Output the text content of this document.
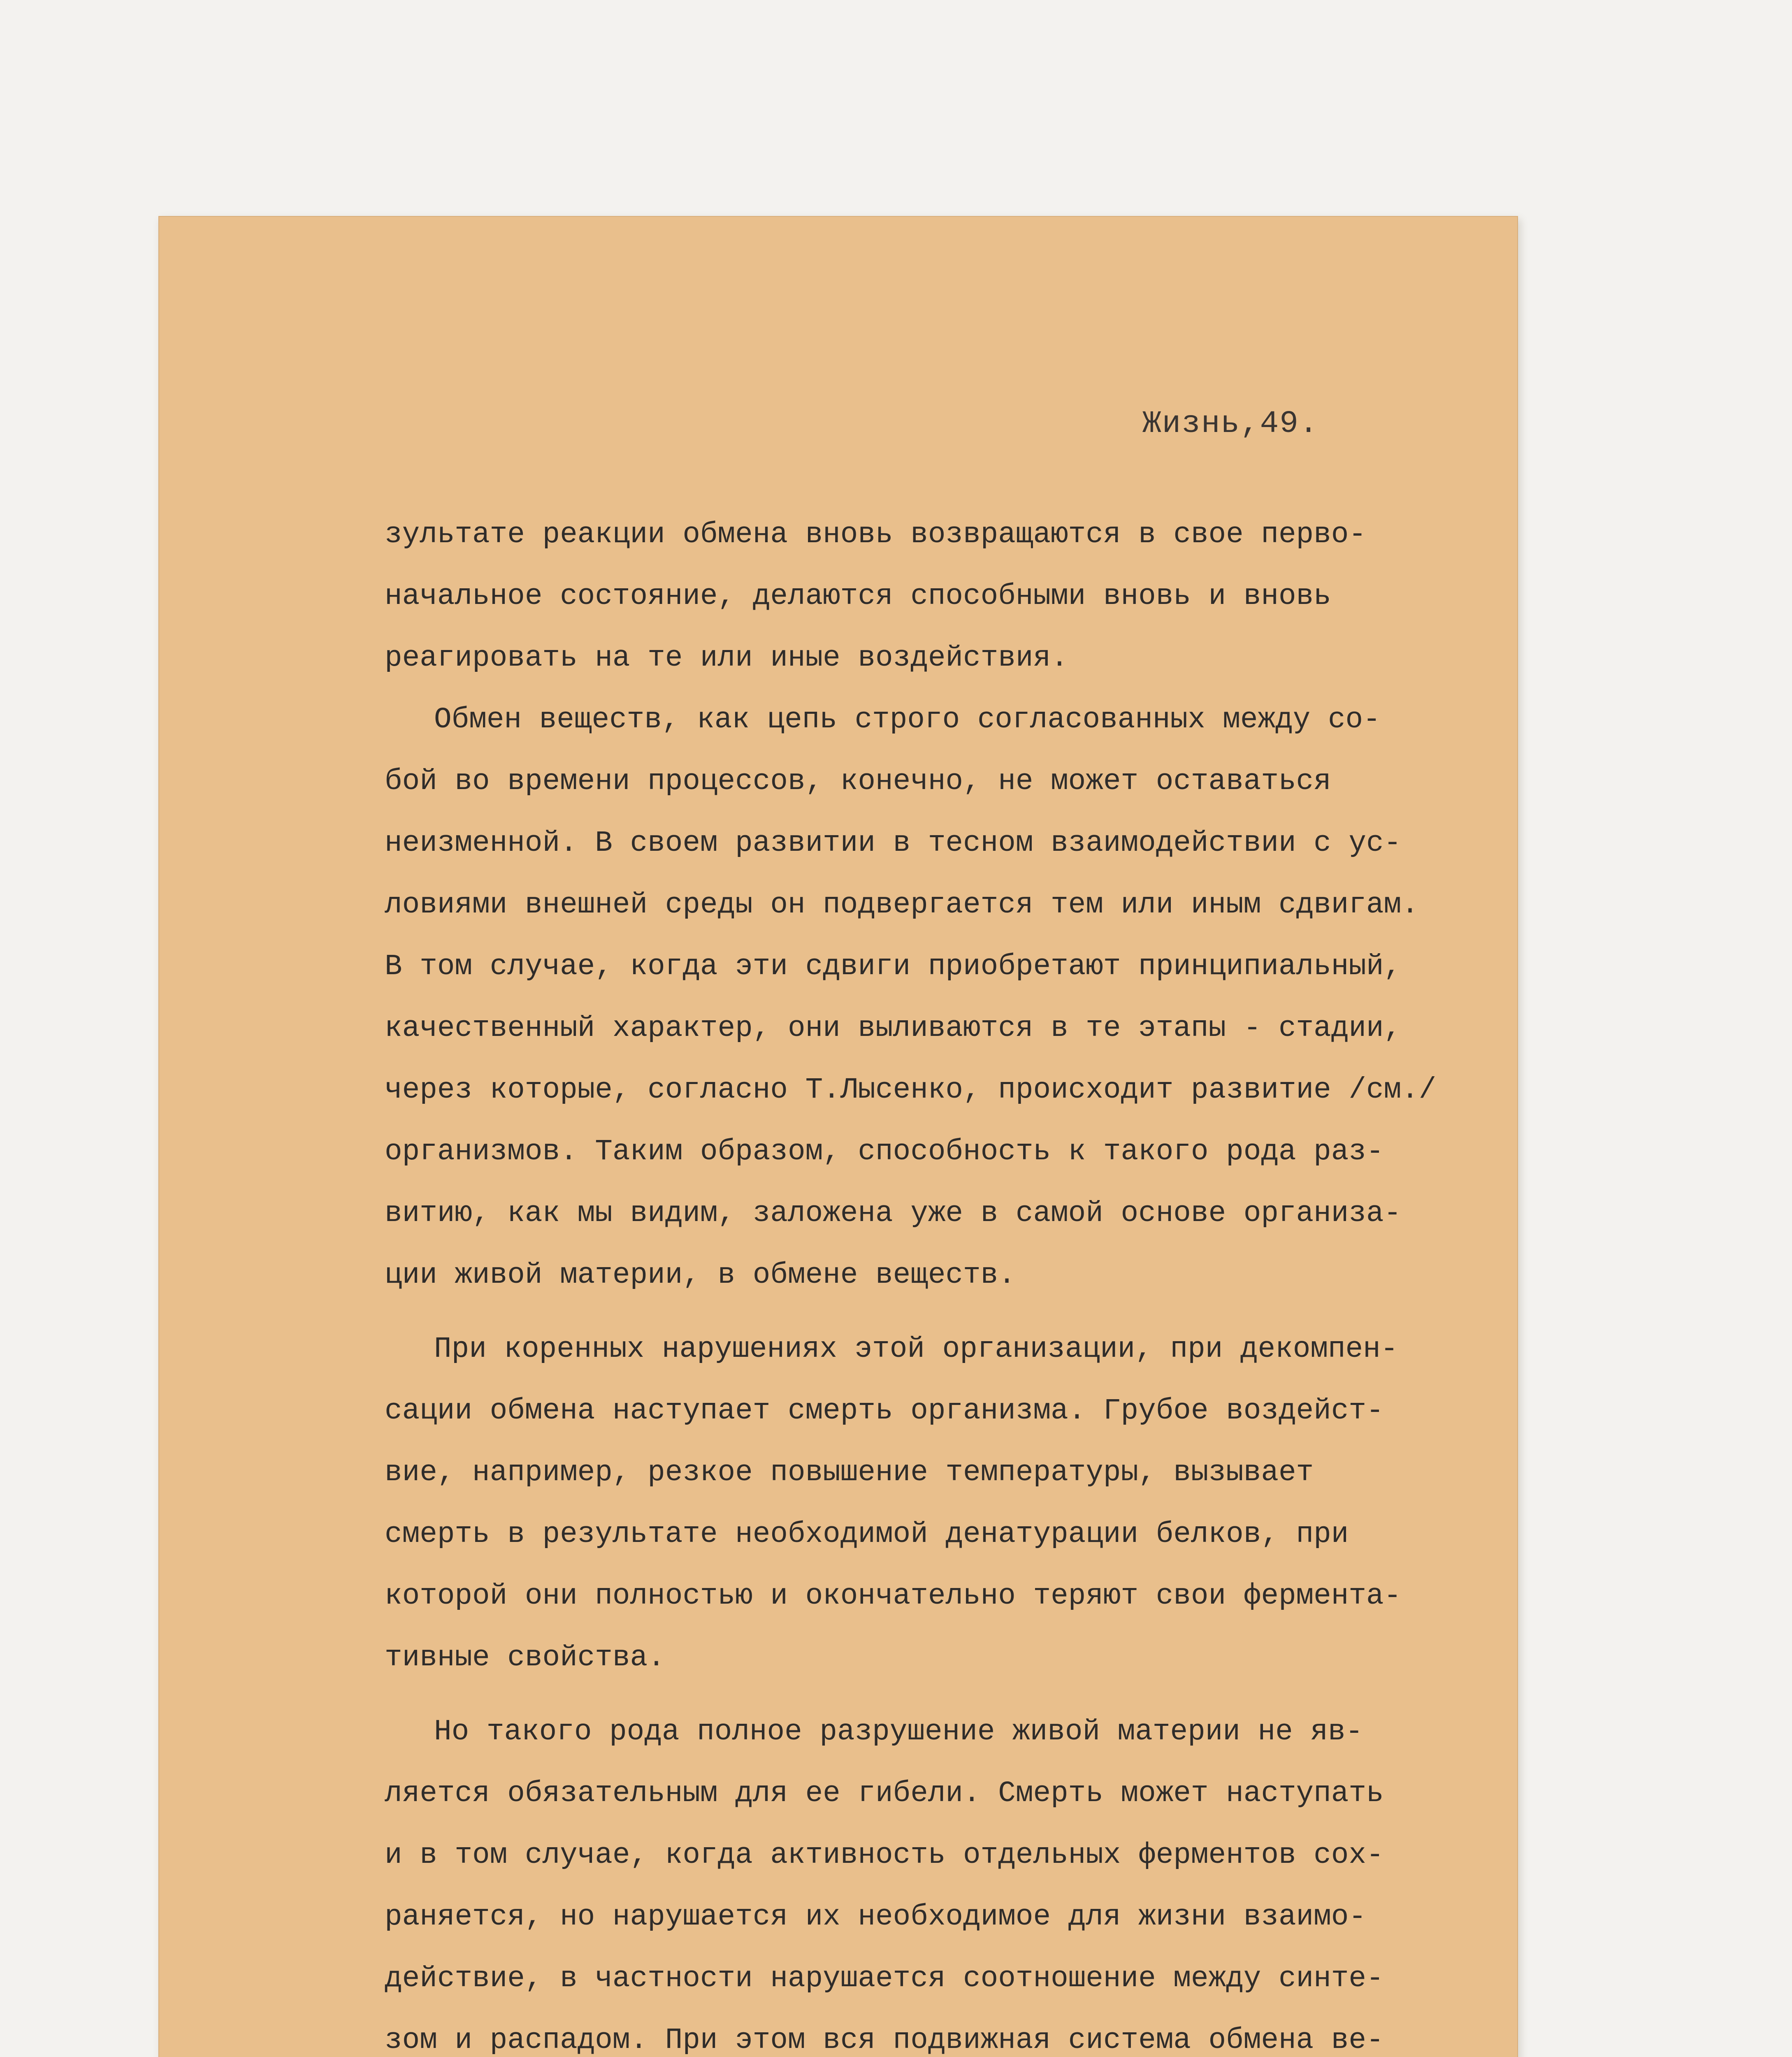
Жизнь,49.
зультате реакции обмена вновь возвращаются в свое перво-
начальное состояние, делаются способными вновь и вновь
реагировать на те или иные воздействия.
Обмен веществ, как цепь строго согласованных между со-
бой во времени процессов, конечно, не может оставаться
неизменной. В своем развитии в тесном взаимодействии с ус-
ловиями внешней среды он подвергается тем или иным сдвигам.
В том случае, когда эти сдвиги приобретают принципиальный,
качественный характер, они выливаются в те этапы - стадии,
через которые, согласно Т.Лысенко, происходит развитие /см./
организмов. Таким образом, способность к такого рода раз-
витию, как мы видим, заложена уже в самой основе организа-
ции живой материи, в обмене веществ.
При коренных нарушениях этой организации, при декомпен-
сации обмена наступает смерть организма. Грубое воздейст-
вие, например, резкое повышение температуры, вызывает
смерть в результате необходимой денатурации белков, при
которой они полностью и окончательно теряют свои ферментa-
тивные свойства.
Но такого рода полное разрушение живой материи не яв-
ляется обязательным для ее гибели. Смерть может наступать
и в том случае, когда активность отдельных ферментов сох-
раняется, но нарушается их необходимое для жизни взаимо-
действие, в частности нарушается соотношение между синте-
зом и распадом. При этом вся подвижная система обмена ве-
